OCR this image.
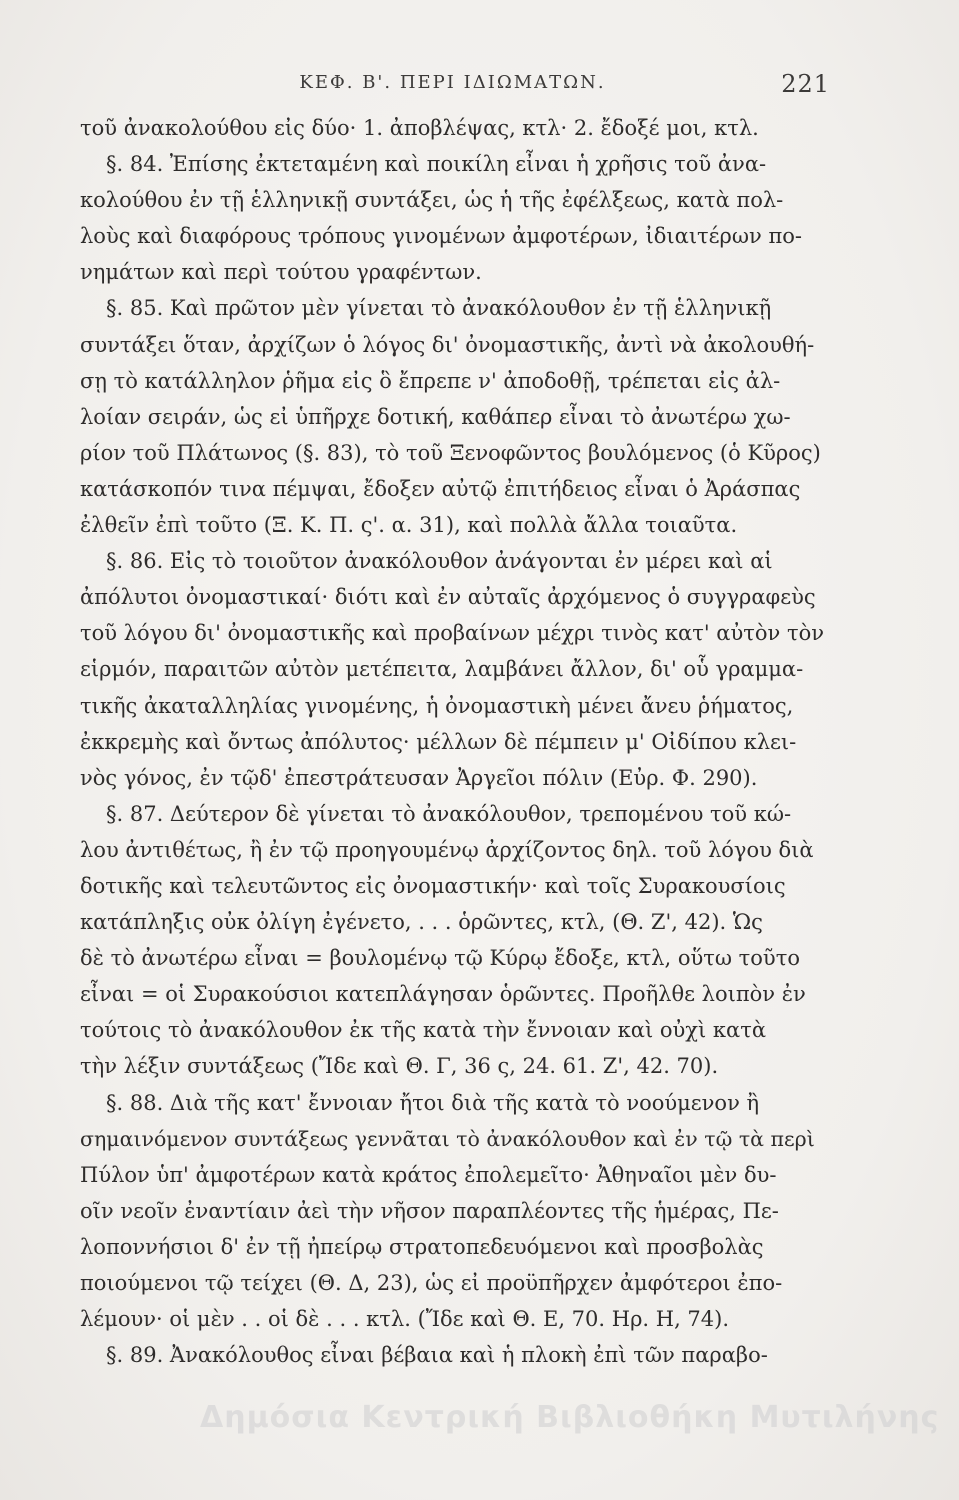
ΚΕΦ. Β'. ΠΕΡΙ ΙΔΙΩΜΑΤΩΝ.	221
τοῦ ἀνακολούθου εἰς δύο· 1. ἀποβλέψας, κτλ· 2. ἔδοξέ μοι, κτλ.
§. 84. Ἐπίσης ἐκτεταμένη καὶ ποικίλη εἶναι ἡ χρῆσις τοῦ ἀνα-
κολούθου ἐν τῇ ἑλληνικῇ συντάξει, ὡς ἡ τῆς ἐφέλξεως, κατὰ πολ-
λοὺς καὶ διαφόρους τρόπους γινομένων ἀμφοτέρων, ἰδιαιτέρων πο-
νημάτων καὶ περὶ τούτου γραφέντων.
§. 85. Καὶ πρῶτον μὲν γίνεται τὸ ἀνακόλουθον ἐν τῇ ἑλληνικῇ
συντάξει ὅταν, ἀρχίζων ὁ λόγος δι' ὀνομαστικῆς, ἀντὶ νὰ ἀκολουθή-
σῃ τὸ κατάλληλον ῥῆμα εἰς ὃ ἔπρεπε ν' ἀποδοθῇ, τρέπεται εἰς ἀλ-
λοίαν σειράν, ὡς εἰ ὑπῆρχε δοτική, καθάπερ εἶναι τὸ ἀνωτέρω χω-
ρίον τοῦ Πλάτωνος (§. 83), τὸ τοῦ Ξενοφῶντος βουλόμενος (ὁ Κῦρος)
κατάσκοπόν τινα πέμψαι, ἔδοξεν αὐτῷ ἐπιτήδειος εἶναι ὁ Ἀράσπας
ἐλθεῖν ἐπὶ τοῦτο (Ξ. Κ. Π. ς'. α. 31), καὶ πολλὰ ἄλλα τοιαῦτα.
§. 86. Εἰς τὸ τοιοῦτον ἀνακόλουθον ἀνάγονται ἐν μέρει καὶ αἱ
ἀπόλυτοι ὀνομαστικαί· διότι καὶ ἐν αὐταῖς ἀρχόμενος ὁ συγγραφεὺς
τοῦ λόγου δι' ὀνομαστικῆς καὶ προβαίνων μέχρι τινὸς κατ' αὐτὸν τὸν
εἱρμόν, παραιτῶν αὐτὸν μετέπειτα, λαμβάνει ἄλλον, δι' οὗ γραμμα-
τικῆς ἀκαταλληλίας γινομένης, ἡ ὀνομαστικὴ μένει ἄνευ ῥήματος,
ἐκκρεμὴς καὶ ὄντως ἀπόλυτος· μέλλων δὲ πέμπειν μ' Οἰδίπου κλει-
νὸς γόνος, ἐν τῷδ' ἐπεστράτευσαν Ἀργεῖοι πόλιν (Εὐρ. Φ. 290).
§. 87. Δεύτερον δὲ γίνεται τὸ ἀνακόλουθον, τρεπομένου τοῦ κώ-
λου ἀντιθέτως, ἢ ἐν τῷ προηγουμένῳ ἀρχίζοντος δηλ. τοῦ λόγου διὰ
δοτικῆς καὶ τελευτῶντος εἰς ὀνομαστικήν· καὶ τοῖς Συρακουσίοις
κατάπληξις οὐκ ὀλίγη ἐγένετο, . . . ὁρῶντες, κτλ, (Θ. Ζ', 42). Ὡς
δὲ τὸ ἀνωτέρω εἶναι = βουλομένῳ τῷ Κύρῳ ἔδοξε, κτλ, οὕτω τοῦτο
εἶναι = οἱ Συρακούσιοι κατεπλάγησαν ὁρῶντες. Προῆλθε λοιπὸν ἐν
τούτοις τὸ ἀνακόλουθον ἐκ τῆς κατὰ τὴν ἔννοιαν καὶ οὐχὶ κατὰ
τὴν λέξιν συντάξεως (Ἴδε καὶ Θ. Γ, 36 ς, 24. 61. Ζ', 42. 70).
§. 88. Διὰ τῆς κατ' ἔννοιαν ἤτοι διὰ τῆς κατὰ τὸ νοούμενον ἢ
σημαινόμενον συντάξεως γεννᾶται τὸ ἀνακόλουθον καὶ ἐν τῷ τὰ περὶ
Πύλον ὑπ' ἀμφοτέρων κατὰ κράτος ἐπολεμεῖτο· Ἀθηναῖοι μὲν δυ-
οῖν νεοῖν ἐναντίαιν ἀεὶ τὴν νῆσον παραπλέοντες τῆς ἡμέρας, Πε-
λοποννήσιοι δ' ἐν τῇ ἠπείρῳ στρατοπεδευόμενοι καὶ προσβολὰς
ποιούμενοι τῷ τείχει (Θ. Δ, 23), ὡς εἰ προϋπῆρχεν ἀμφότεροι ἐπο-
λέμουν· οἱ μὲν . . οἱ δὲ . . . κτλ. (Ἴδε καὶ Θ. Ε, 70. Ηρ. Η, 74).
§. 89. Ἀνακόλουθος εἶναι βέβαια καὶ ἡ πλοκὴ ἐπὶ τῶν παραβο-
Δημόσια Κεντρική Βιβλιοθήκη Μυτιλήνης
